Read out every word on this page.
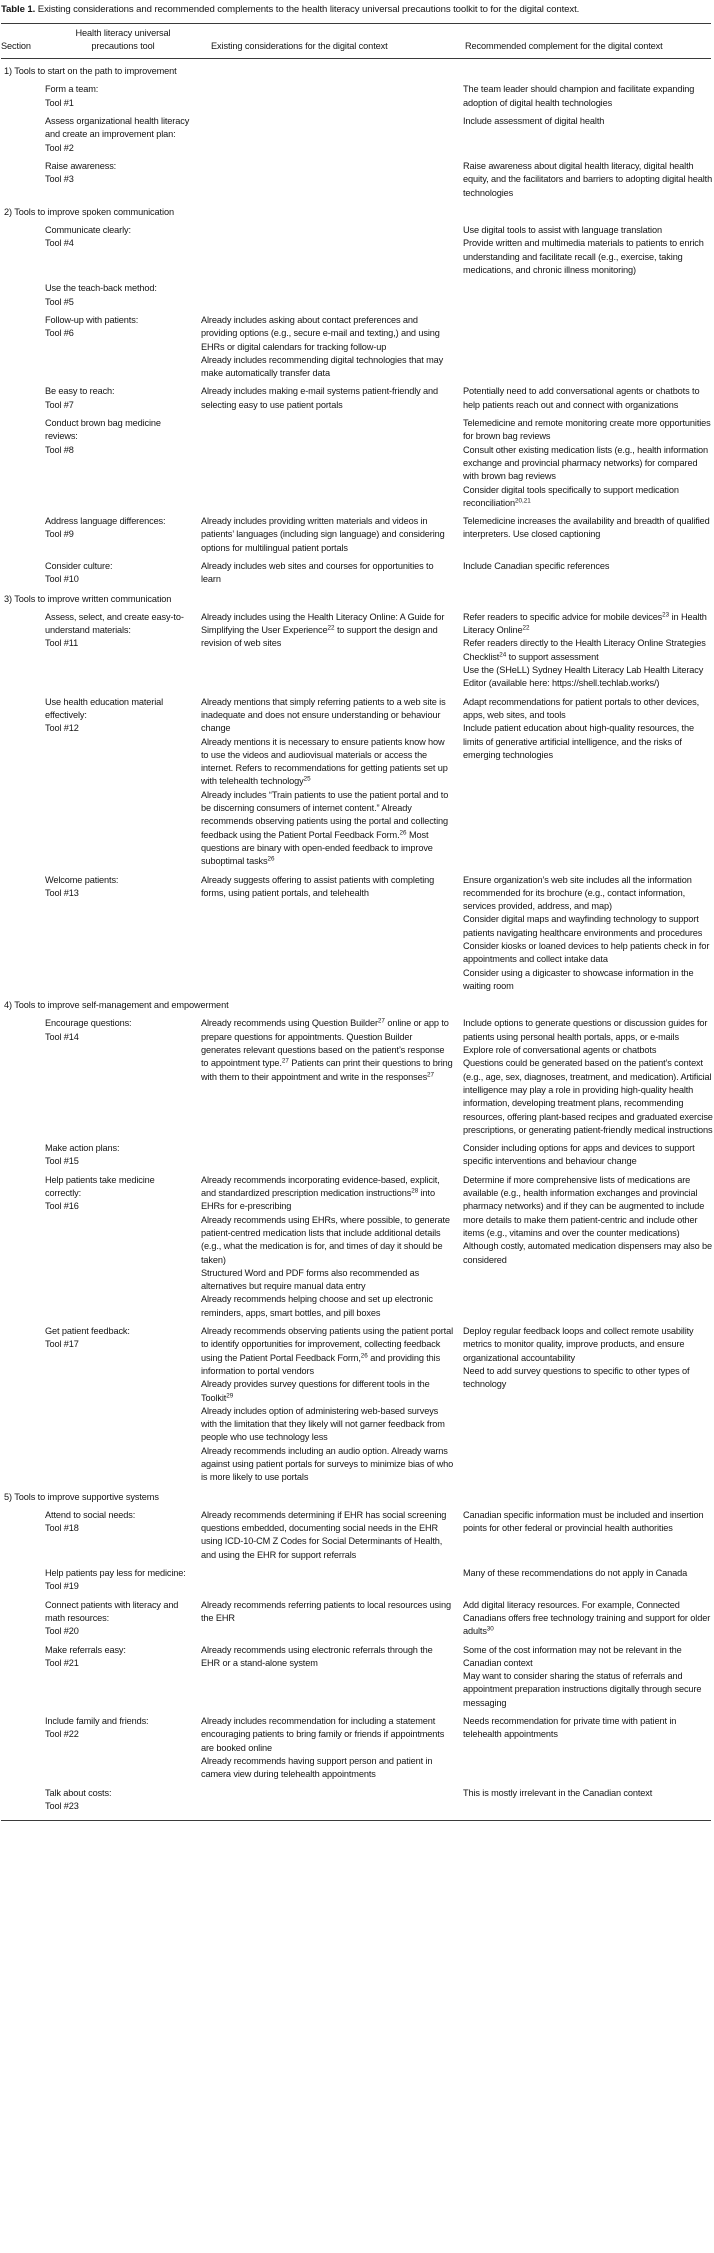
Table 1. Existing considerations and recommended complements to the health literacy universal precautions toolkit to for the digital context.

Section
Health literacy universal precautions tool	Existing considerations for the digital context	Recommended complement for the digital context
1) Tools to start on the path to improvement

Form a team:

Tool #1

The team leader should champion and facilitate expanding adoption of digital health technologies

Assess organizational health literacy and create an improvement plan:

Tool #2

Include assessment of digital health

Raise awareness:

Tool #3

Raise awareness about digital health literacy, digital health equity, and the facilitators and barriers to adopting digital health technologies

2) Tools to improve spoken communication

Communicate clearly:

Tool #4

Use digital tools to assist with language translation

Provide written and multimedia materials to patients to enrich understanding and facilitate recall (e.g., exercise, taking medications, and chronic illness monitoring)

Use the teach-back method:

Tool #5

Follow-up with patients:

Tool #6

Already includes asking about contact preferences and providing options (e.g., secure e-mail and texting,) and using EHRs or digital calendars for tracking follow-up

Already includes recommending digital technologies that may make automatically transfer data

Be easy to reach:

Tool #7

Already includes making e-mail systems patient-friendly and selecting easy to use patient portals

Potentially need to add conversational agents or chatbots to help patients reach out and connect with organizations

Conduct brown bag medicine reviews:

Tool #8

Telemedicine and remote monitoring create more opportunities for brown bag reviews

Consult other existing medication lists (e.g., health information exchange and provincial pharmacy networks) for compared with brown bag reviews

Consider digital tools specifically to support medication reconciliation$^{20,21}$

Address language differences:

Tool #9

Already includes providing written materials and videos in patients’ languages (including sign language) and considering options for multilingual patient portals

Telemedicine increases the availability and breadth of qualified interpreters. Use closed captioning

Consider culture:

Tool #10

Already includes web sites and courses for opportunities to learn

Include Canadian specific references

3) Tools to improve written communication

Assess, select, and create easy-to-understand materials:

Tool #11

Already includes using the Health Literacy Online: A Guide for Simplifying the User Experience$^{22}$ to support the design and revision of web sites

Refer readers to specific advice for mobile devices$^{23}$ in Health Literacy Online$^{22}$

Refer readers directly to the Health Literacy Online Strategies Checklist$^{24}$ to support assessment

Use the (SHeLL) Sydney Health Literacy Lab Health Literacy Editor (available here: https://shell.techlab.works/)

Use health education material effectively:

Tool #12

Already mentions that simply referring patients to a web site is inadequate and does not ensure understanding or behaviour change

Already mentions it is necessary to ensure patients know how to use the videos and audiovisual materials or access the internet. Refers to recommendations for getting patients set up with telehealth technology$^{25}$

Already includes “Train patients to use the patient portal and to be discerning consumers of internet content.” Already recommends observing patients using the portal and collecting feedback using the Patient Portal Feedback Form.$^{26}$ Most questions are binary with open-ended feedback to improve suboptimal tasks$^{26}$

Adapt recommendations for patient portals to other devices, apps, web sites, and tools

Include patient education about high-quality resources, the limits of generative artificial intelligence, and the risks of emerging technologies

Welcome patients:

Tool #13

Already suggests offering to assist patients with completing forms, using patient portals, and telehealth

Ensure organization’s web site includes all the information recommended for its brochure (e.g., contact information, services provided, address, and map)

Consider digital maps and wayfinding technology to support patients navigating healthcare environments and procedures

Consider kiosks or loaned devices to help patients check in for appointments and collect intake data

Consider using a digicaster to showcase information in the waiting room

4) Tools to improve self-management and empowerment

Encourage questions:

Tool #14

Already recommends using Question Builder$^{27}$ online or app to prepare questions for appointments. Question Builder generates relevant questions based on the patient’s response to appointment type.$^{27}$ Patients can print their questions to bring with them to their appointment and write in the responses$^{27}$

Include options to generate questions or discussion guides for patients using personal health portals, apps, or e-mails

Explore role of conversational agents or chatbots

Questions could be generated based on the patient’s context (e.g., age, sex, diagnoses, treatment, and medication). Artificial intelligence may play a role in providing high-quality health information, developing treatment plans, recommending resources, offering plant-based recipes and graduated exercise prescriptions, or generating patient-friendly medical instructions

Make action plans:

Tool #15

Consider including options for apps and devices to support specific interventions and behaviour change

Help patients take medicine correctly:

Tool #16

Already recommends incorporating evidence-based, explicit, and standardized prescription medication instructions$^{28}$ into EHRs for e-prescribing

Already recommends using EHRs, where possible, to generate patient-centred medication lists that include additional details (e.g., what the medication is for, and times of day it should be taken)

Structured Word and PDF forms also recommended as alternatives but require manual data entry

Already recommends helping choose and set up electronic reminders, apps, smart bottles, and pill boxes

Determine if more comprehensive lists of medications are available (e.g., health information exchanges and provincial pharmacy networks) and if they can be augmented to include more details to make them patient-centric and include other items (e.g., vitamins and over the counter medications)

Although costly, automated medication dispensers may also be considered

Get patient feedback:

Tool #17

Already recommends observing patients using the patient portal to identify opportunities for improvement, collecting feedback using the Patient Portal Feedback Form,$^{26}$ and providing this information to portal vendors

Already provides survey questions for different tools in the Toolkit$^{29}$

Already includes option of administering web-based surveys with the limitation that they likely will not garner feedback from people who use technology less

Already recommends including an audio option. Already warns against using patient portals for surveys to minimize bias of who is more likely to use portals

Deploy regular feedback loops and collect remote usability metrics to monitor quality, improve products, and ensure organizational accountability

Need to add survey questions to specific to other types of technology

5) Tools to improve supportive systems

Attend to social needs:

Tool #18

Already recommends determining if EHR has social screening questions embedded, documenting social needs in the EHR using ICD-10-CM Z Codes for Social Determinants of Health, and using the EHR for support referrals

Canadian specific information must be included and insertion points for other federal or provincial health authorities

Help patients pay less for medicine:

Tool #19

Many of these recommendations do not apply in Canada

Connect patients with literacy and math resources:

Tool #20

Already recommends referring patients to local resources using the EHR

Add digital literacy resources. For example, Connected Canadians offers free technology training and support for older adults$^{30}$

Make referrals easy:

Tool #21

Already recommends using electronic referrals through the EHR or a stand-alone system

Some of the cost information may not be relevant in the Canadian context

May want to consider sharing the status of referrals and appointment preparation instructions digitally through secure messaging

Include family and friends:

Tool #22

Already includes recommendation for including a statement encouraging patients to bring family or friends if appointments are booked online

Already recommends having support person and patient in camera view during telehealth appointments

Needs recommendation for private time with patient in telehealth appointments

Talk about costs:

Tool #23

This is mostly irrelevant in the Canadian context
